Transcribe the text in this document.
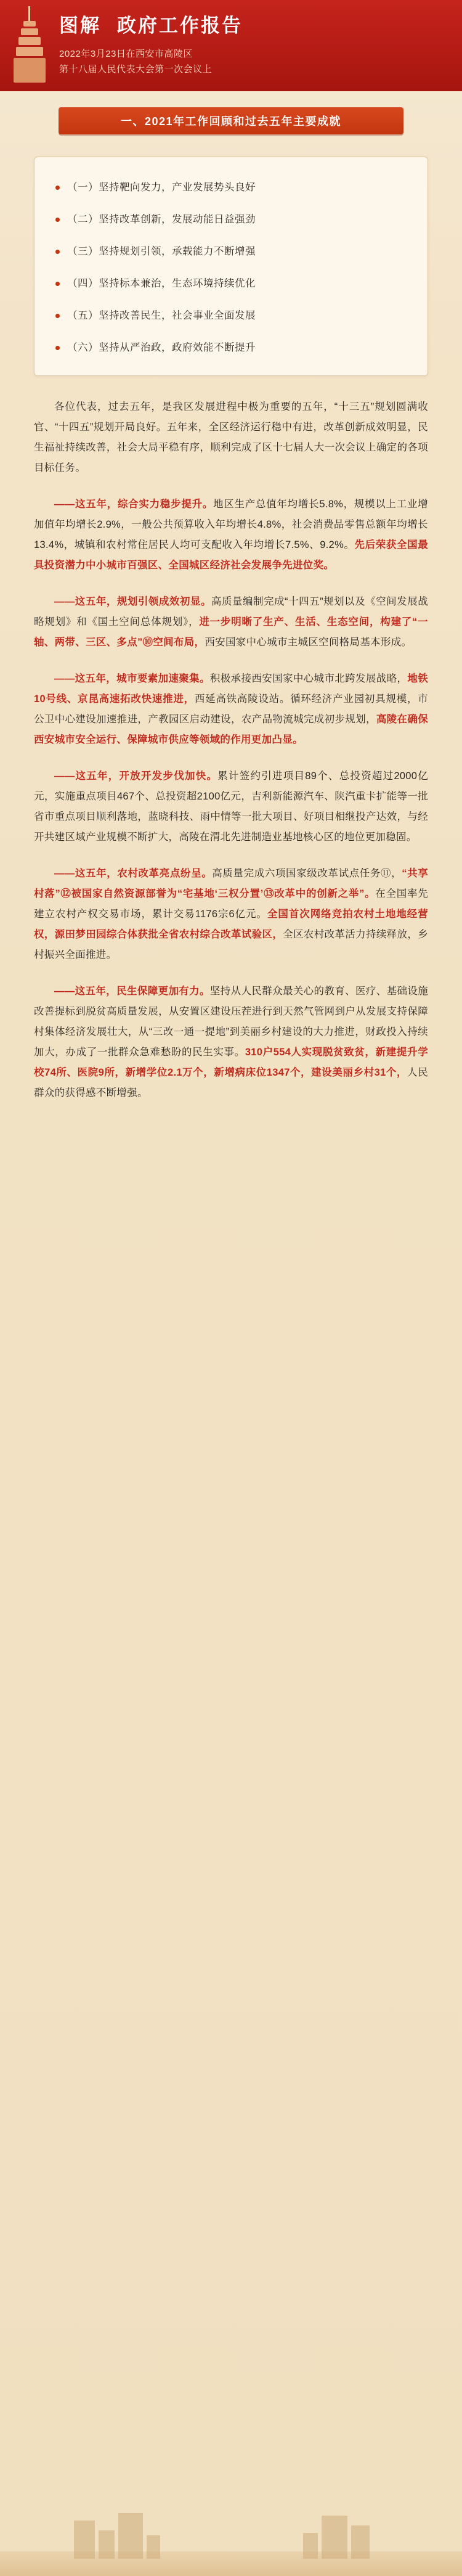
图解 政府工作报告
2022年3月23日在西安市高陵区
第十八届人民代表大会第一次会议上
一、2021年工作回顾和过去五年主要成就
（一）坚持靶向发力，产业发展势头良好
（二）坚持改革创新，发展动能日益强劲
（三）坚持规划引领，承载能力不断增强
（四）坚持标本兼治，生态环境持续优化
（五）坚持改善民生，社会事业全面发展
（六）坚持从严治政，政府效能不断提升
各位代表，过去五年，是我区发展进程中极为重要的五年，“十三五”规划圆满收官、“十四五”规划开局良好。五年来，全区经济运行稳中有进，改革创新成效明显，民生福祉持续改善，社会大局平稳有序，顺利完成了区十七届人大一次会议上确定的各项目标任务。
——这五年，综合实力稳步提升。地区生产总值年均增长5.8%，规模以上工业增加值年均增长2.9%，一般公共预算收入年均增长4.8%，社会消费品零售总额年均增长13.4%，城镇和农村常住居民人均可支配收入年均增长7.5%、9.2%。先后荣获全国最具投资潜力中小城市百强区、全国城区经济社会发展争先进位奖。
——这五年，规划引领成效初显。高质量编制完成“十四五”规划以及《空间发展战略规划》和《国土空间总体规划》，进一步明晰了生产、生活、生态空间，构建了“一轴、两带、三区、多点”⑩空间布局，西安国家中心城市主城区空间格局基本形成。
——这五年，城市要素加速聚集。积极承接西安国家中心城市北跨发展战略，地铁10号线、京昆高速拓改快速推进，西延高铁高陵设站。循环经济产业园初具规模，市公卫中心建设加速推进，产教园区启动建设，农产品物流城完成初步规划，高陵在确保西安城市安全运行、保障城市供应等领域的作用更加凸显。
——这五年，开放开发步伐加快。累计签约引进项目89个、总投资超过2000亿元，实施重点项目467个、总投资超2100亿元，吉利新能源汽车、陕汽重卡扩能等一批省市重点项目顺利落地，蓝晓科技、雨中情等一批大项目、好项目相继投产达效，与经开共建区域产业规模不断扩大，高陵在渭北先进制造业基地核心区的地位更加稳固。
——这五年，农村改革亮点纷呈。高质量完成六项国家级改革试点任务⑪，“共享村落”⑫被国家自然资源部誉为“宅基地‘三权分置’⑬改革中的创新之举”。在全国率先建立农村产权交易市场，累计交易1176宗6亿元。全国首次网络竞拍农村土地地经营权，源田梦田园综合体获批全省农村综合改革试验区，全区农村改革活力持续释放，乡村振兴全面推进。
——这五年，民生保障更加有力。坚持从人民群众最关心的教育、医疗、基础设施改善提标到脱贫高质量发展，从安置区建设压茬进行到天然气管网到户从发展支持保障村集体经济发展壮大，从“三改一通一提地”到美丽乡村建设的大力推进，财政投入持续加大，办成了一批群众急难愁盼的民生实事。310户554人实现脱贫致贫，新建提升学校74所、医院9所，新增学位2.1万个，新增病床位1347个，建设美丽乡村31个，人民群众的获得感不断增强。
